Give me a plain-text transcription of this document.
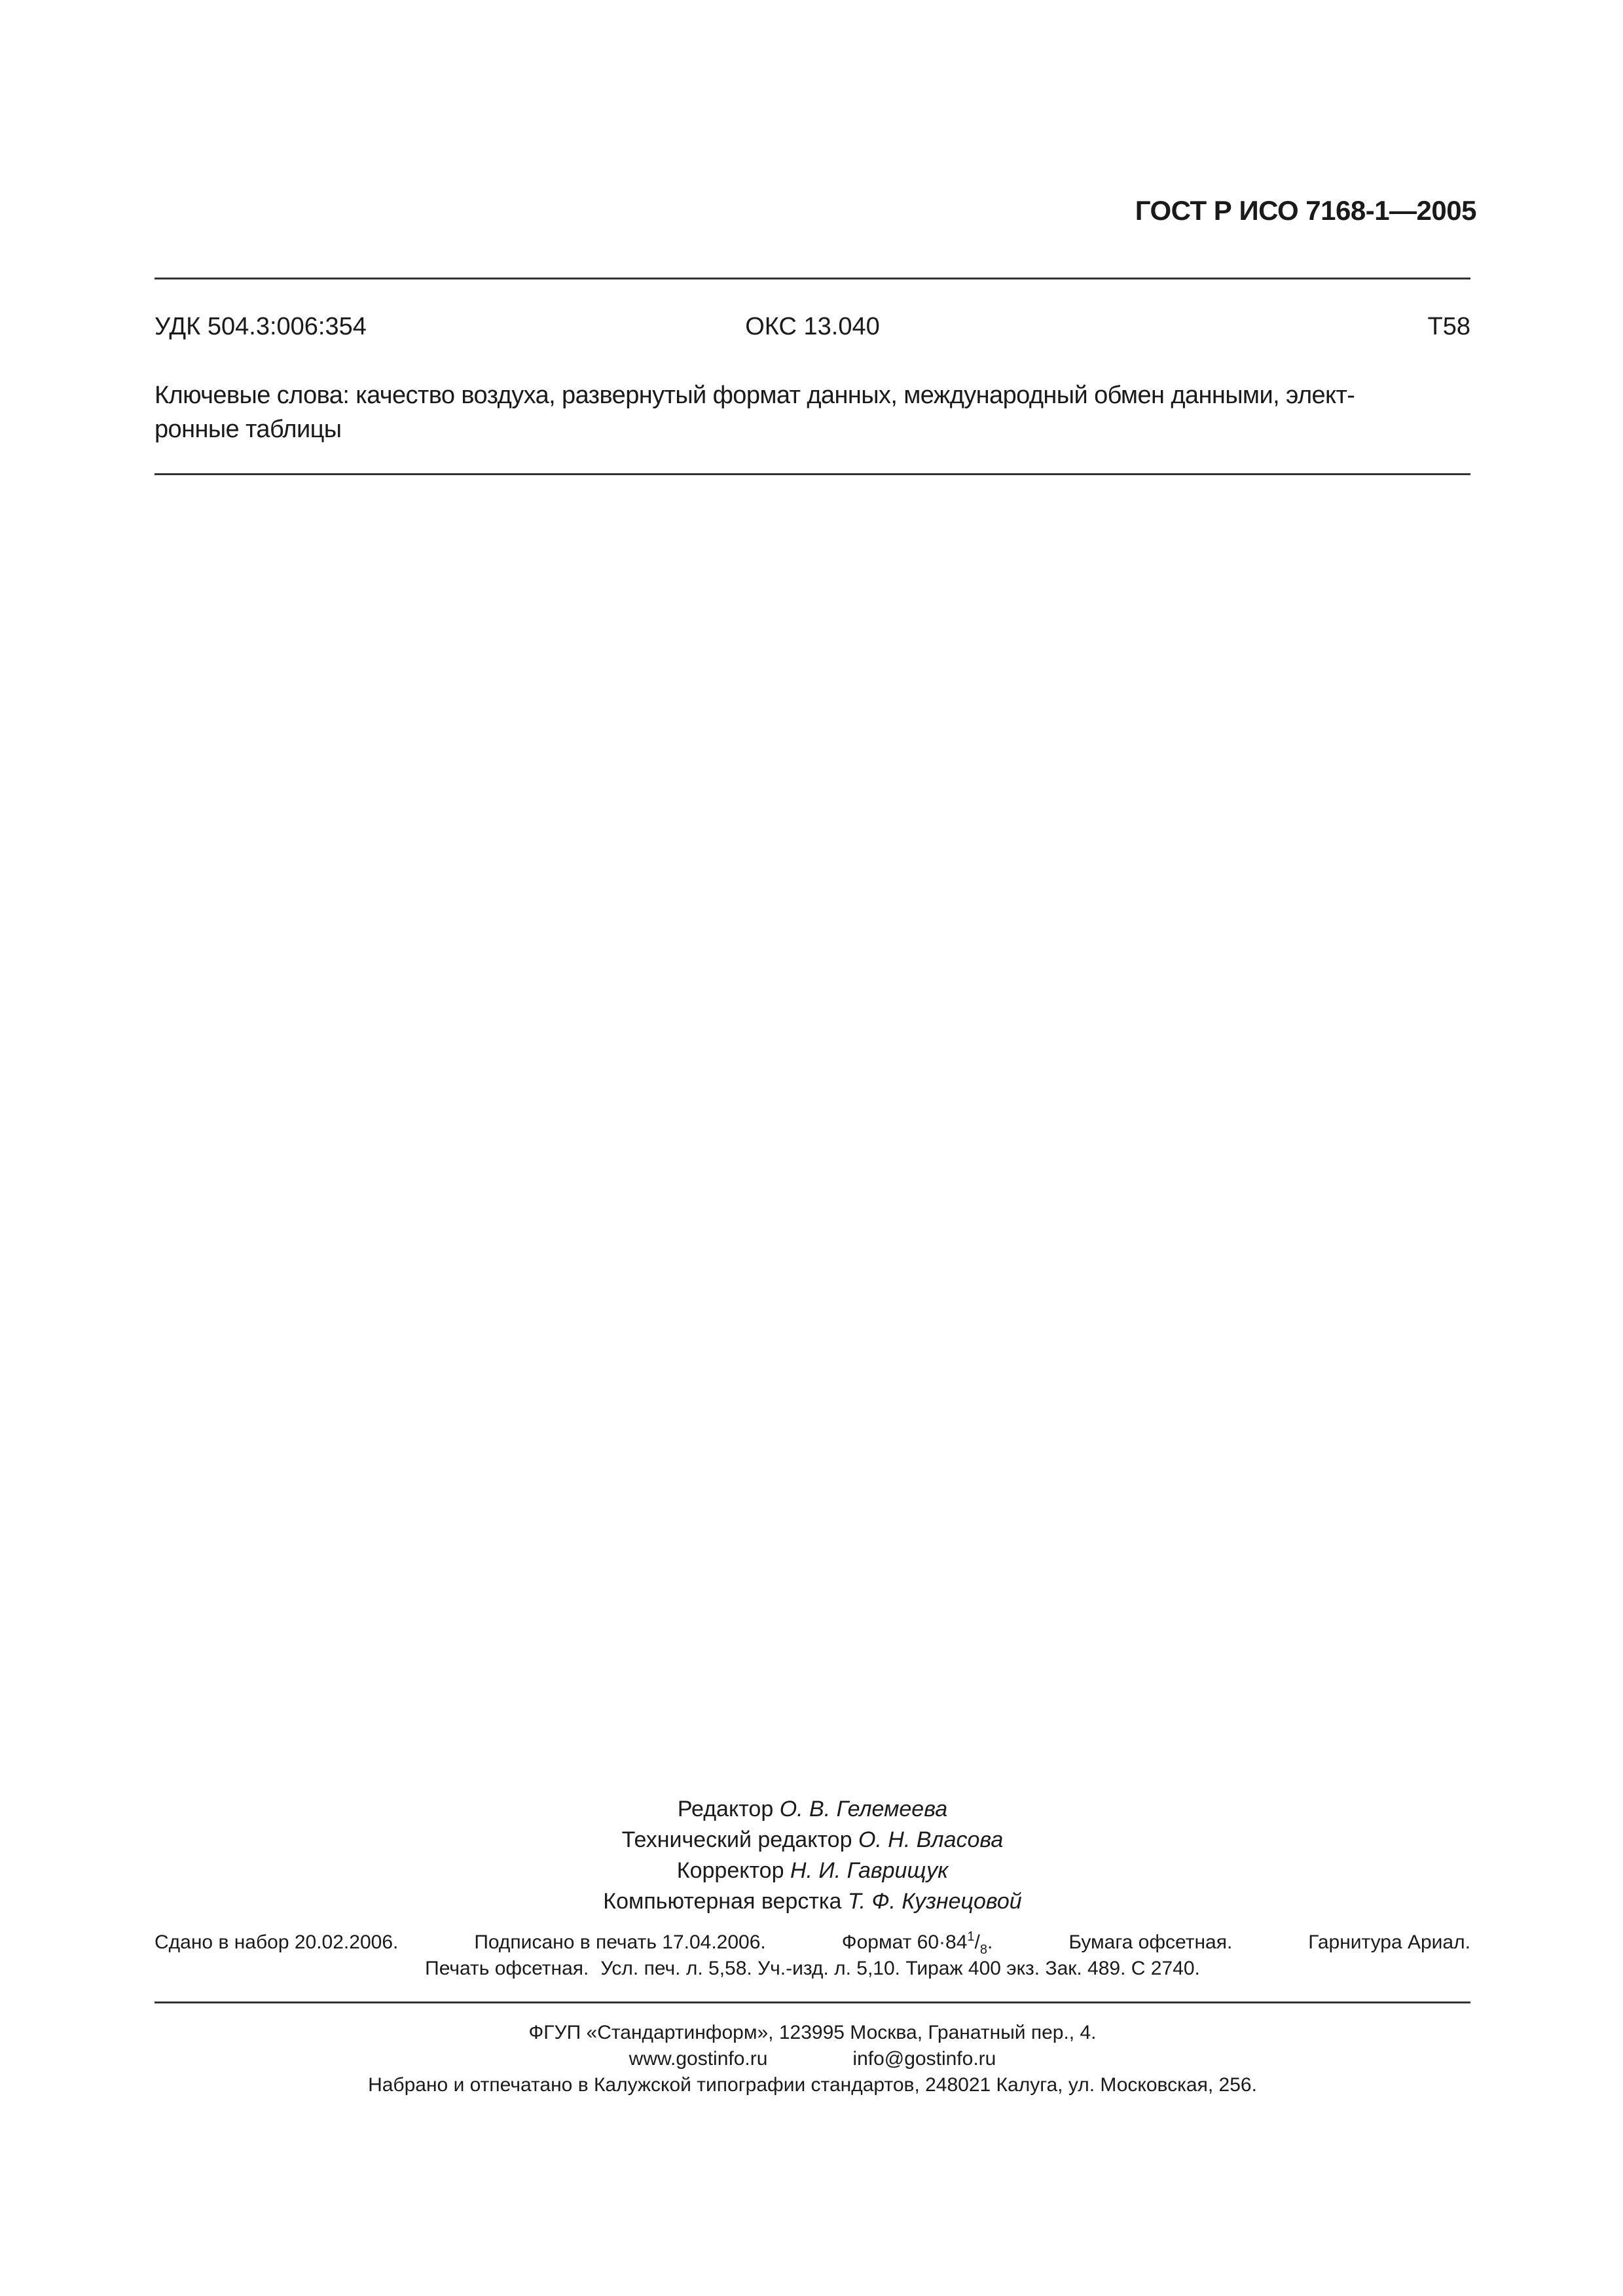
ГОСТ Р ИСО 7168-1—2005
УДК 504.3:006:354	ОКС 13.040	Т58
Ключевые слова: качество воздуха, развернутый формат данных, международный обмен данными, элект-
ронные таблицы
Редактор О. В. Гелемеева
Технический редактор О. Н. Власова
Корректор Н. И. Гаврищук
Компьютерная верстка Т. Ф. Кузнецовой
Сдано в набор 20.02.2006.	Подписано в печать 17.04.2006.	Формат $60\cdot 84^1/_8$.	Бумага офсетная.	Гарнитура Ариал.
Печать офсетная. Усл. печ. л. 5,58. Уч.-изд. л. 5,10. Тираж 400 экз. Зак. 489. С 2740.
ФГУП «Стандартинформ», 123995 Москва, Гранатный пер., 4.
www.gostinfo.ru	info@gostinfo.ru
Набрано и отпечатано в Калужской типографии стандартов, 248021 Калуга, ул. Московская, 256.
